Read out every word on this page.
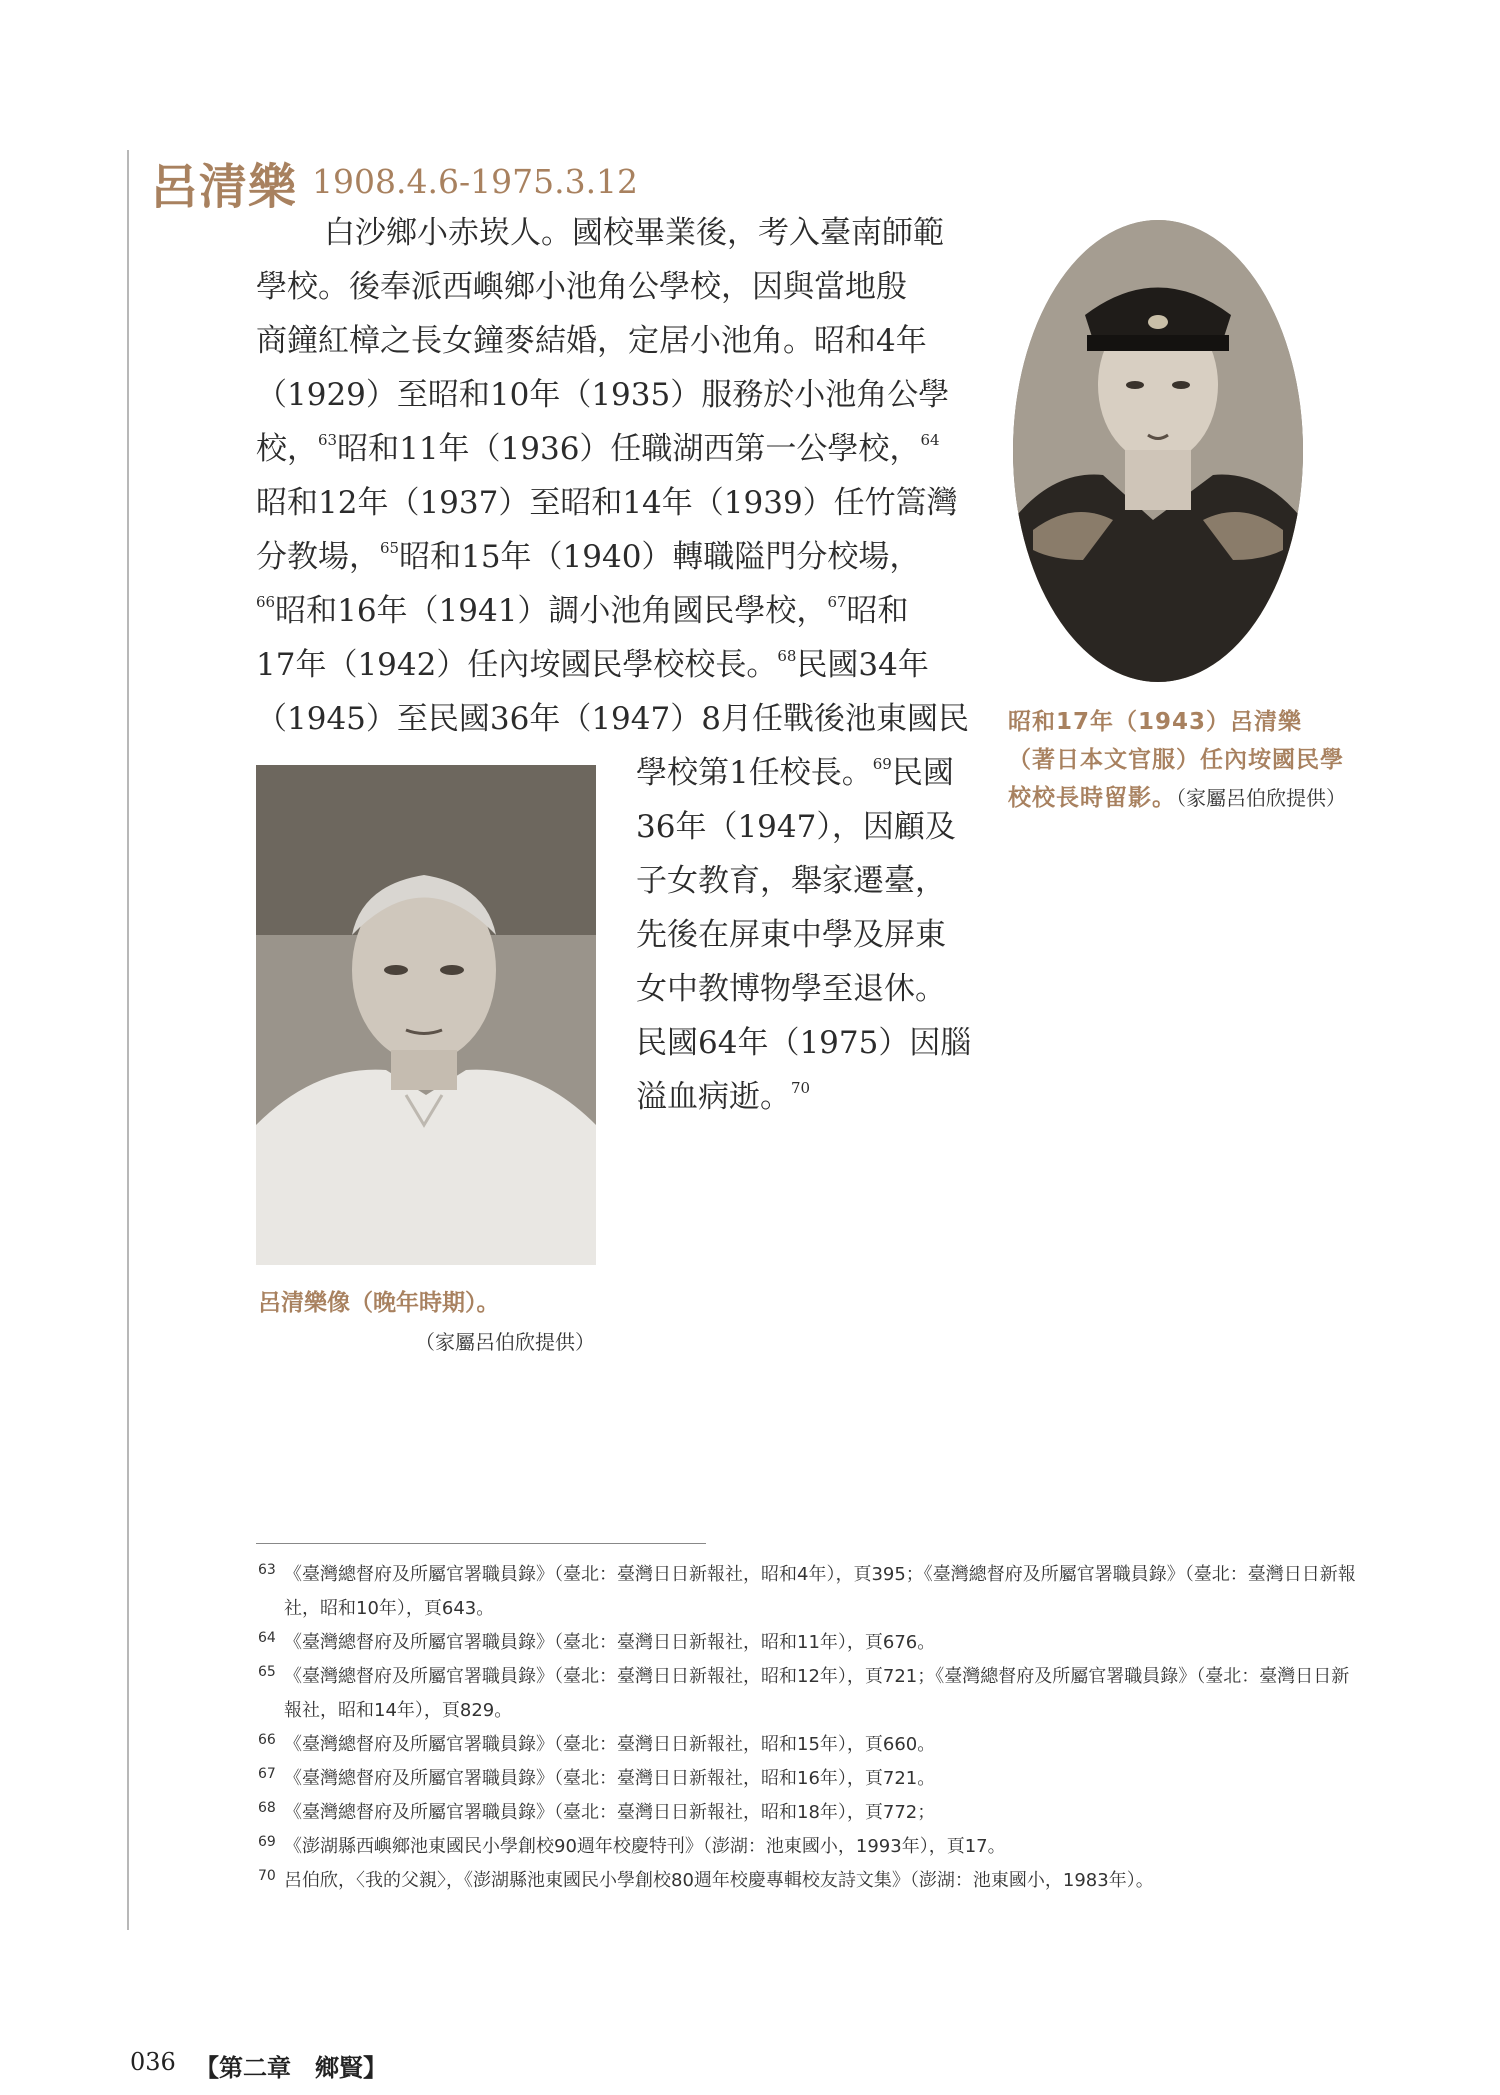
呂清樂 1908.4.6-1975.3.12
白沙鄉小赤崁人。國校畢業後，考入臺南師範
學校。後奉派西嶼鄉小池角公學校，因與當地殷
商鐘紅樟之長女鐘麥結婚，定居小池角。昭和4年
（1929）至昭和10年（1935）服務於小池角公學
校，$^{63}$昭和11年（1936）任職湖西第一公學校，$^{64}$
昭和12年（1937）至昭和14年（1939）任竹篙灣
分教場，$^{65}$昭和15年（1940）轉職隘門分校場，
$^{66}$昭和16年（1941）調小池角國民學校，$^{67}$昭和
17年（1942）任內垵國民學校校長。$^{68}$民國34年
（1945）至民國36年（1947）8月任戰後池東國民
學校第1任校長。$^{69}$民國
36年（1947），因顧及
子女教育，舉家遷臺，
先後在屏東中學及屏東
女中教博物學至退休。
民國64年（1975）因腦
溢血病逝。$^{70}$
昭和17年（1943）呂清樂（著日本文官服）任內垵國民學校校長時留影。（家屬呂伯欣提供）
呂清樂像（晚年時期）。
（家屬呂伯欣提供）
63 《臺灣總督府及所屬官署職員錄》（臺北：臺灣日日新報社，昭和4年），頁395；《臺灣總督府及所屬官署職員錄》（臺北：臺灣日日新報社，昭和10年），頁643。
64 《臺灣總督府及所屬官署職員錄》（臺北：臺灣日日新報社，昭和11年），頁676。
65 《臺灣總督府及所屬官署職員錄》（臺北：臺灣日日新報社，昭和12年），頁721；《臺灣總督府及所屬官署職員錄》（臺北：臺灣日日新報社，昭和14年），頁829。
66 《臺灣總督府及所屬官署職員錄》（臺北：臺灣日日新報社，昭和15年），頁660。
67 《臺灣總督府及所屬官署職員錄》（臺北：臺灣日日新報社，昭和16年），頁721。
68 《臺灣總督府及所屬官署職員錄》（臺北：臺灣日日新報社，昭和18年），頁772；
69 《澎湖縣西嶼鄉池東國民小學創校90週年校慶特刊》（澎湖：池東國小，1993年），頁17。
70 呂伯欣，〈我的父親〉，《澎湖縣池東國民小學創校80週年校慶專輯校友詩文集》（澎湖：池東國小，1983年）。
036 【第二章　鄉賢】
